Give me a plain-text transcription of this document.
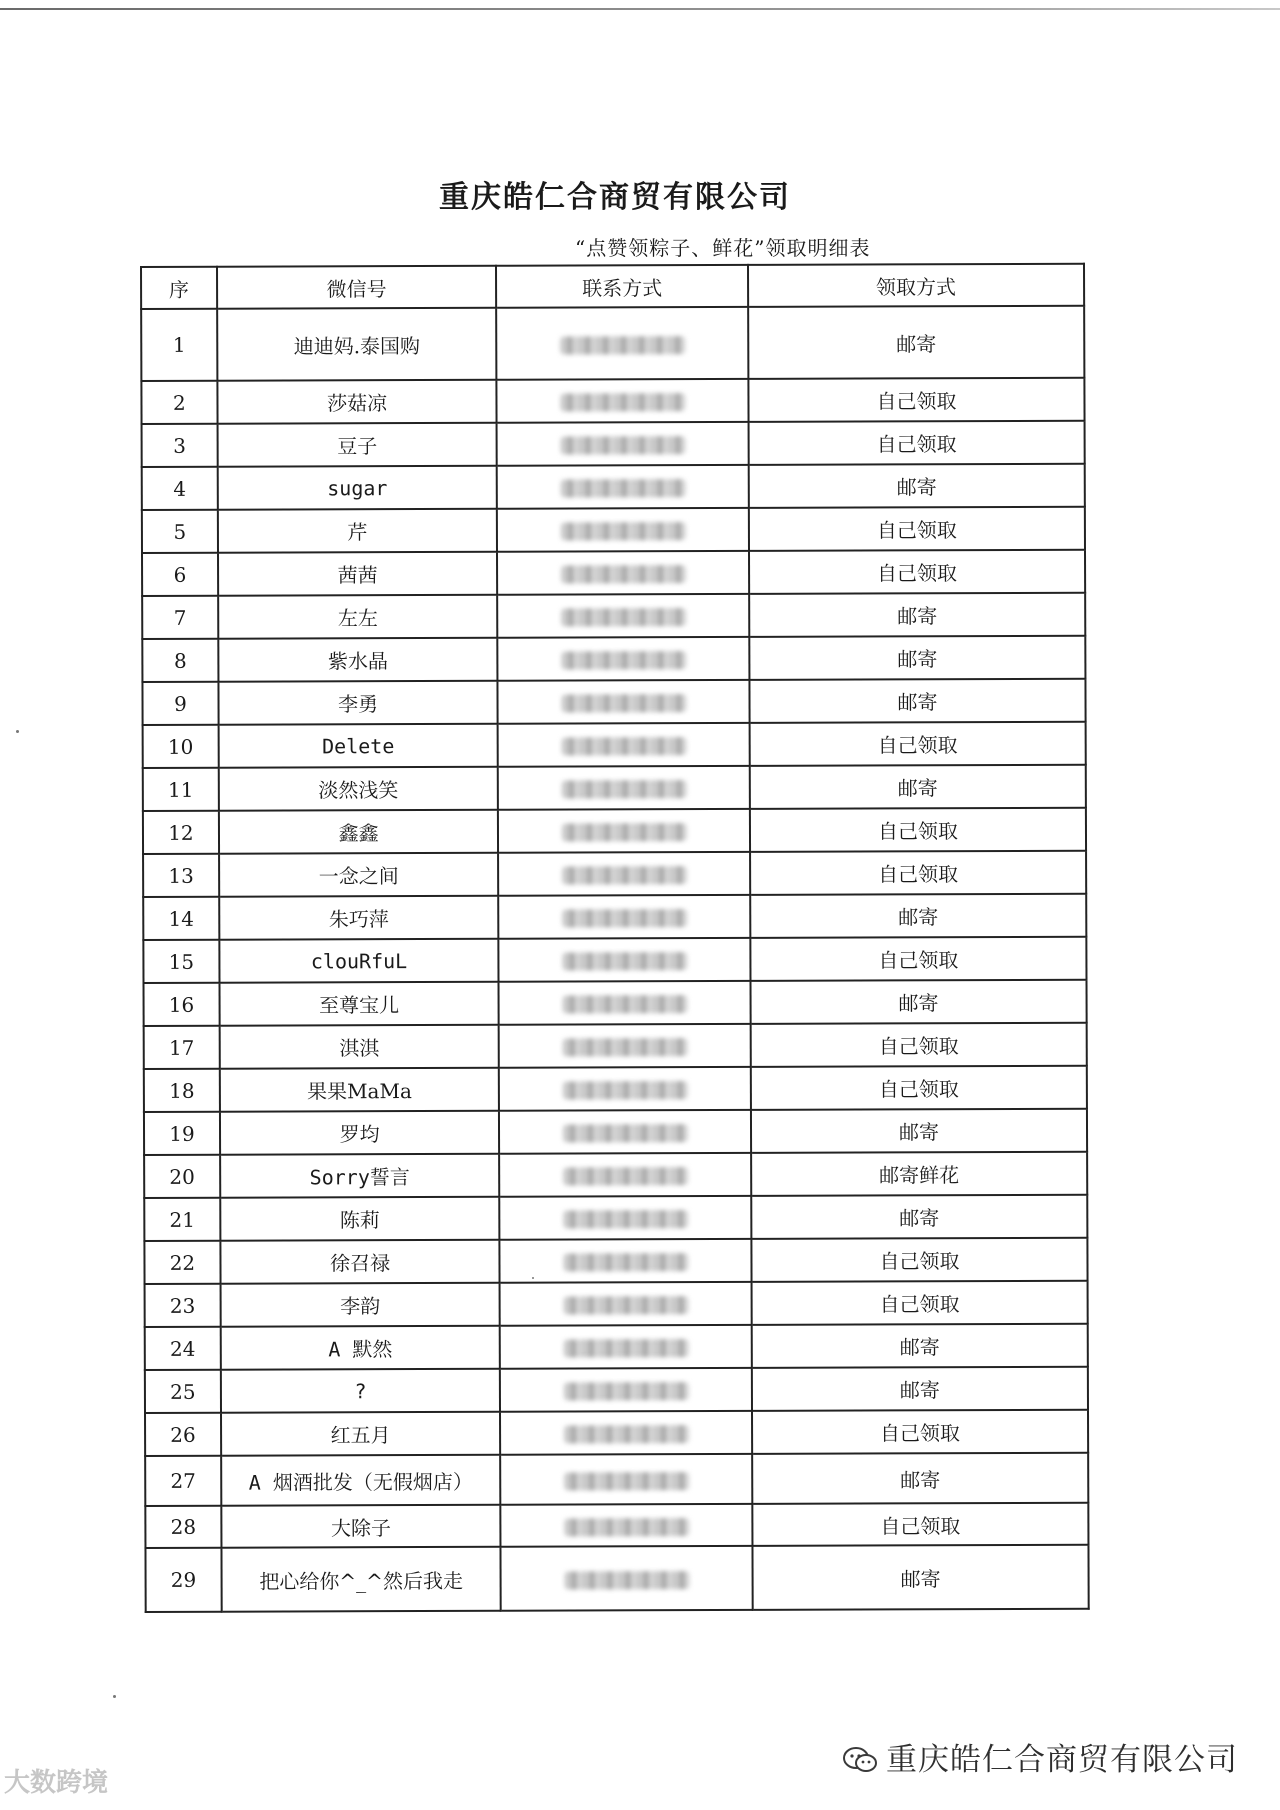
重庆皓仁合商贸有限公司
“点赞领粽子、鲜花”领取明细表
序	微信号	联系方式	领取方式
1	迪迪妈.泰国购		邮寄
2	莎菇凉		自己领取
3	豆子		自己领取
4	sugar		邮寄
5	芹		自己领取
6	茜茜		自己领取
7	左左		邮寄
8	紫水晶		邮寄
9	李勇		邮寄
10	Delete		自己领取
11	淡然浅笑		邮寄
12	鑫鑫		自己领取
13	一念之间		自己领取
14	朱巧萍		邮寄
15	clouRfuL		自己领取
16	至尊宝儿		邮寄
17	淇淇		自己领取
18	果果MaMa		自己领取
19	罗均		邮寄
20	Sorry誓言		邮寄鲜花
21	陈莉		邮寄
22	徐召禄		自己领取
23	李韵		自己领取
24	A 默然		邮寄
25	?		邮寄
26	红五月		自己领取
27	A 烟酒批发（无假烟店）		邮寄
28	大除子		自己领取
29	把心给你^_^然后我走		邮寄
大数跨境
重庆皓仁合商贸有限公司
